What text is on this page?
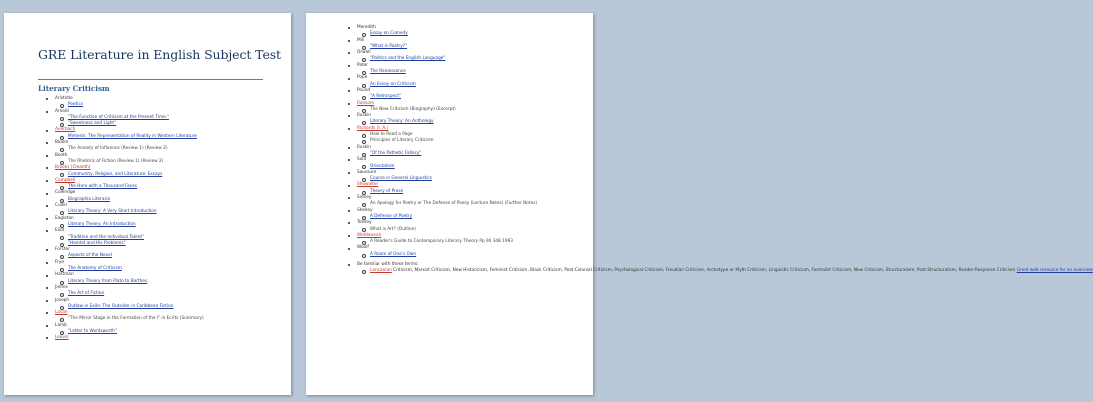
GRE Literature in English Subject Test
Literary Criticism
Aristotle
Poetics
Arnold
"The Function of Criticism at the Present Time."
"Sweetness and Light"
Auerbach
Mimesis: The Representation of Reality in Western Literature
Bloom
The Anxiety of Influence (Review 1) (Review 2)
Booth
The Rhetoric of Fiction (Review 1) (Review 2)
Brooks (Cleanth)
Community, Religion, and Literature: Essays
Campbell
The Hero with a Thousand Faces
Coleridge
Biographia Literaria
Culler
Literary Theory: A Very Short Introduction
Eagleton
Literary Theory: An Introduction
Eliot
"Tradition and the Individual Talent"
"Hamlet and His Problems"
Forster
Aspects of the Novel
Frye
The Anatomy of Criticism
Hartman
Literary Theory from Plato to Barthes
James
The Art of Fiction
Joseph
Outlaw in Exile: The Outsider in Caribbean Fiction
Lacan
"The Mirror Stage in the Formation of the I" in Ecrits (Summary)
Lamb
"Letter to Wordsworth"
Leavis
Meredith
Essay on Comedy
Mill
"What is Poetry?"
Orwell
"Politics and the English Language"
Pater
The Renaissance
Pope
An Essay on Criticism
Pound
"A Retrospect"
Ransom
The New Criticism (Biography) (Excerpt)
Ruskin
Literary Theory: An Anthology
Richards (I. A.)
How to Read a Page
Principles of Literary Criticism
Ruskin
"Of the Pathetic Fallacy"
Said
Orientalism
Saussure
Course in General Linguistics
Showalter
Theory of Prose
Sidney
An Apology for Poetry or The Defense of Poesy (Lecture Notes) (Further Notes)
Shelley
A Defense of Poetry
Tolstoy
What is Art? (Outline)
Widdowson
A Reader's Guide to Contemporary Literary Theory Pp 94 348 1993
Woolf
A Room of One's Own
Be familiar with these terms:
Lancanian Criticism, Marxist Criticism, New Historicism, Feminist Criticism, Black Criticism, Post-Colonial Criticism, Psychological Criticism, Freudian Criticism, Archetype or Myth Criticism, Linguistic Criticism, Formalist Criticism, New Criticism, Structuralism, Post-Structuralism, Reader-Response Criticism Great web resource for an overview
